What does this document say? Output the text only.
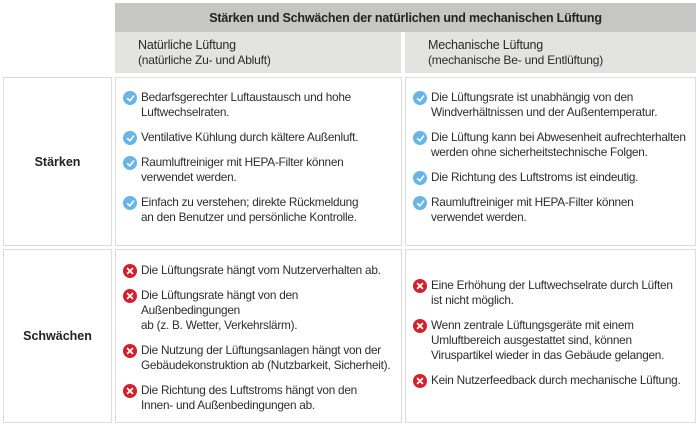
Stärken und Schwächen der natürlichen und mechanischen Lüftung
Natürliche Lüftung
(natürliche Zu- und Abluft)
Mechanische Lüftung
(mechanische Be- und Entlüftung)
Stärken
Schwächen
Bedarfsgerechter Luftaustausch und hohe
Luftwechselraten.
Ventilative Kühlung durch kältere Außenluft.
Raumluftreiniger mit HEPA-Filter können
verwendet werden.
Einfach zu verstehen; direkte Rückmeldung
an den Benutzer und persönliche Kontrolle.
Die Lüftungsrate ist unabhängig von den
Windverhältnissen und der Außentemperatur.
Die Lüftung kann bei Abwesenheit aufrechterhalten
werden ohne sicherheitstechnische Folgen.
Die Richtung des Luftstroms ist eindeutig.
Raumluftreiniger mit HEPA-Filter können
verwendet werden.
Die Lüftungsrate hängt vom Nutzerverhalten ab.
Die Lüftungsrate hängt von den Außenbedingungen
ab (z. B. Wetter, Verkehrslärm).
Die Nutzung der Lüftungsanlagen hängt von der
Gebäudekonstruktion ab (Nutzbarkeit, Sicherheit).
Die Richtung des Luftstroms hängt von den
Innen- und Außenbedingungen ab.
Eine Erhöhung der Luftwechselrate durch Lüften
ist nicht möglich.
Wenn zentrale Lüftungsgeräte mit einem
Umluftbereich ausgestattet sind, können
Viruspartikel wieder in das Gebäude gelangen.
Kein Nutzerfeedback durch mechanische Lüftung.
